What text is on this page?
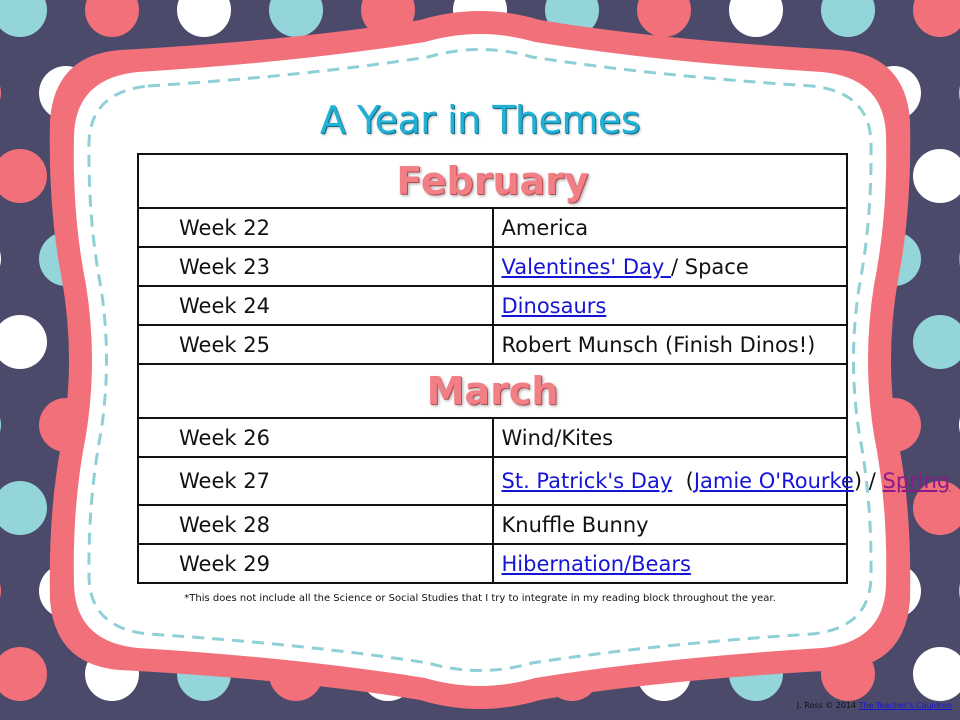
A Year in Themes
February	
Week 22	America
Week 23	Valentines' Day / Space
Week 24	Dinosaurs
Week 25	Robert Munsch (Finish Dinos!)
March	
Week 26	Wind/Kites
Week 27	St. Patrick's Day  (Jamie O'Rourke) / Spring
Week 28	Knuffle Bunny
Week 29	Hibernation/Bears
*This does not include all the Science or Social Studies that I try to integrate in my reading block throughout the year.
J. Ross © 2014 The Teacher's Cauldron
